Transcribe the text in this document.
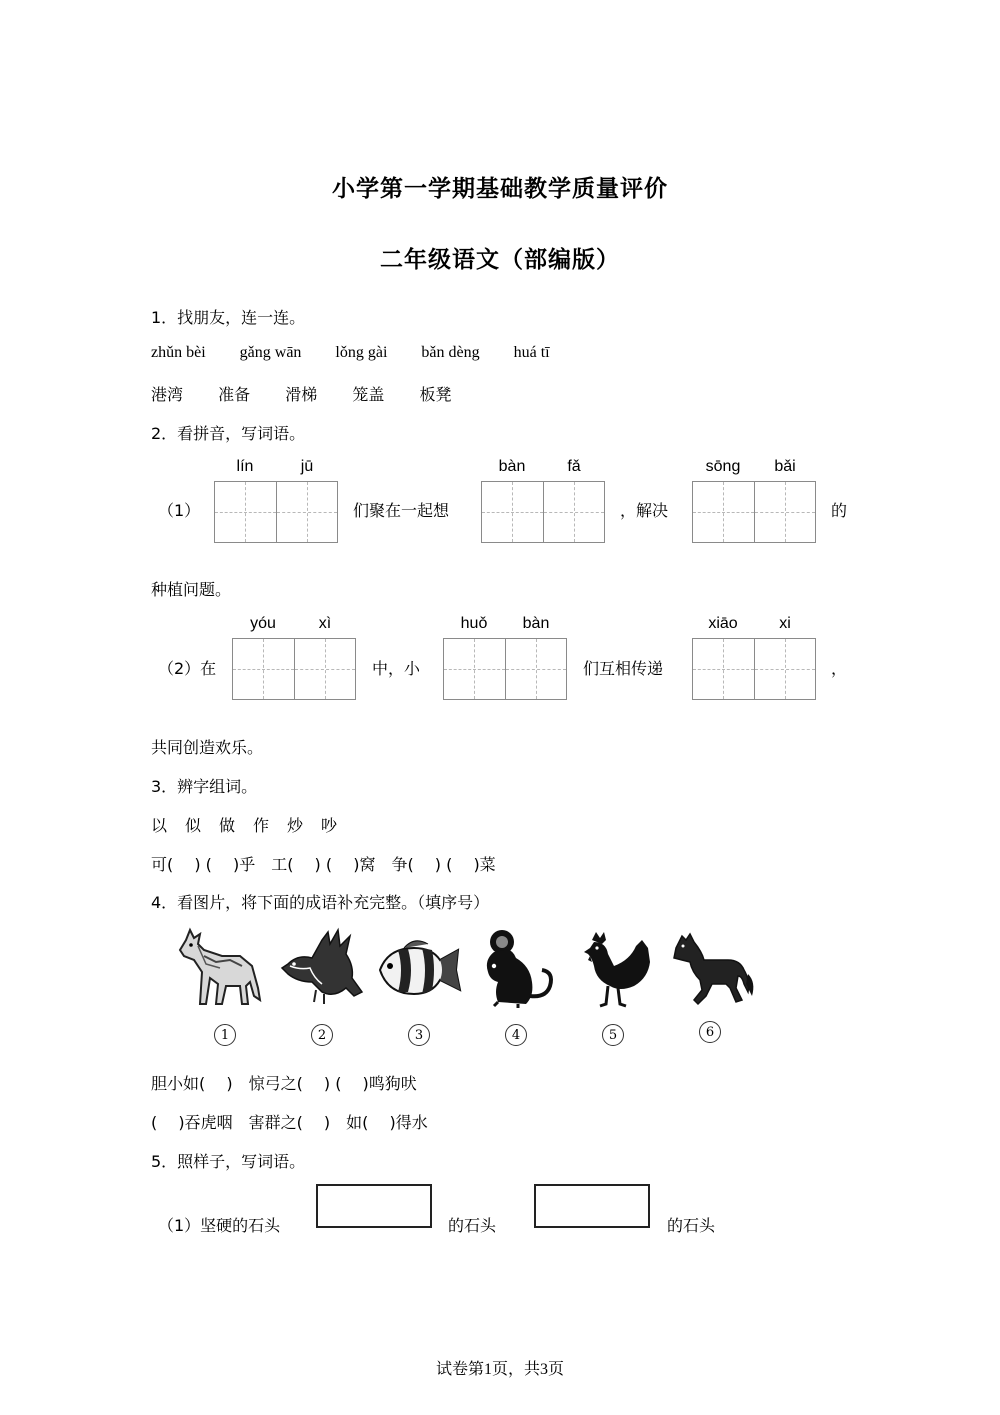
小学第一学期基础教学质量评价
二年级语文（部编版）
1．找朋友，连一连。
zhǔn bèi gǎng wān lǒng gài bǎn dèng huá tī
港湾 准备 滑梯 笼盖 板凳
2．看拼音，写词语。
（1）
lín	jū
们聚在一起想
bàn	fǎ
，解决
sōng	bǎi
的
种植问题。
（2）在
yóu	xì
中，小
huǒ	bàn
们互相传递
xiāo	xi
，
共同创造欢乐。
3．辨字组词。
以　似　做　作　炒　吵
可(　 ) (　 )乎　工(　 ) (　 )窝　争(　 ) (　 )菜
4．看图片，将下面的成语补充完整。（填序号）
1	2	3	4	5	6
胆小如(　 )　惊弓之(　 ) (　 )鸣狗吠
(　 )吞虎咽　害群之(　 )　如(　 )得水
5．照样子，写词语。
（1）坚硬的石头	的石头	的石头
试卷第1页，共3页
